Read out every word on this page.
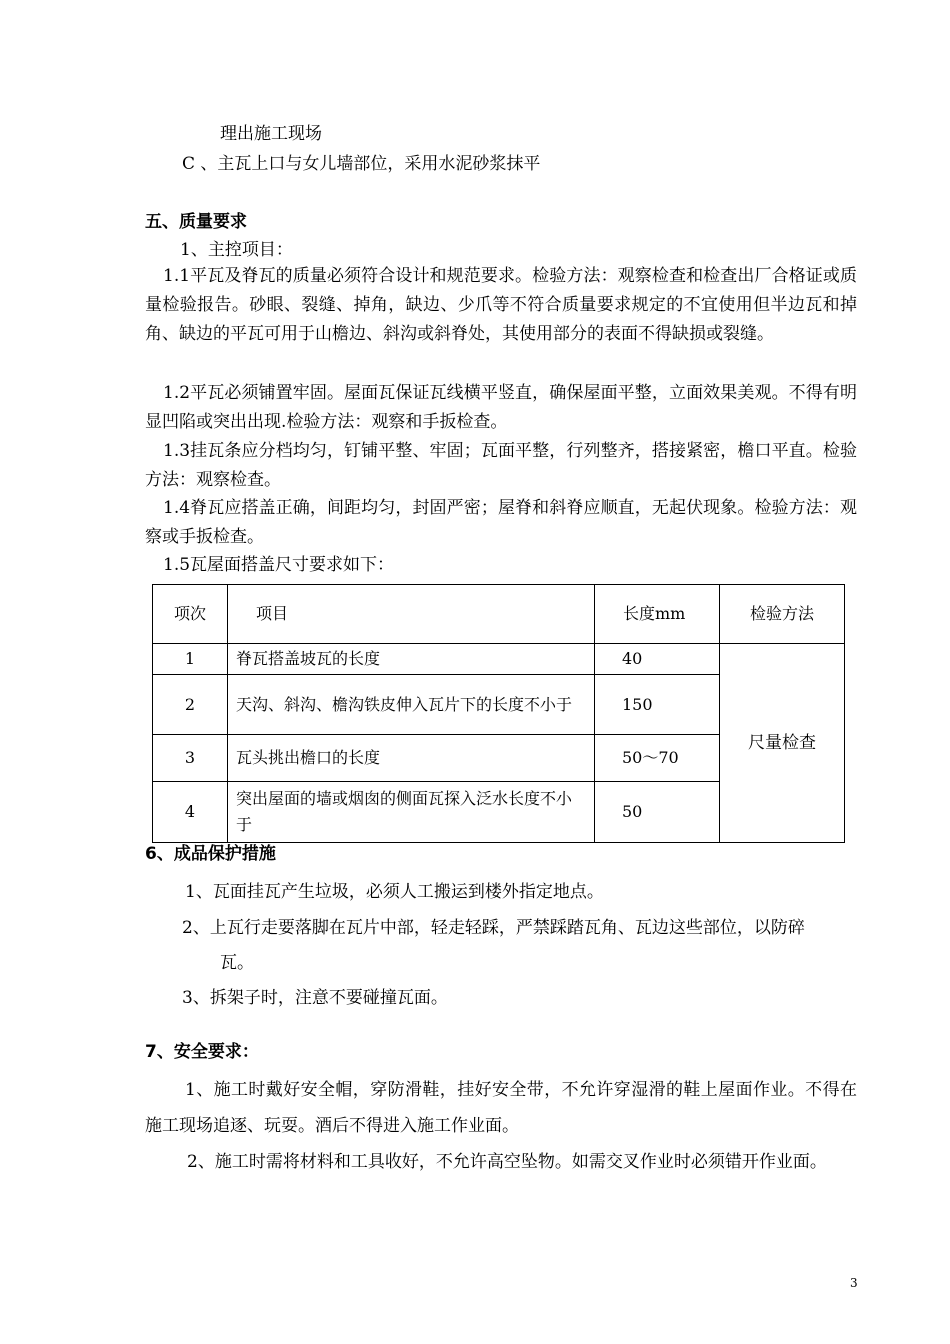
理出施工现场
C 、主瓦上口与女儿墙部位，采用水泥砂浆抹平
五、质量要求
1、主控项目：
1.1平瓦及脊瓦的质量必须符合设计和规范要求。检验方法：观察检查和检查出厂合格证或质量检验报告。砂眼、裂缝、掉角，缺边、少爪等不符合质量要求规定的不宜使用但半边瓦和掉角、缺边的平瓦可用于山檐边、斜沟或斜脊处，其使用部分的表面不得缺损或裂缝。
1.2平瓦必须铺置牢固。屋面瓦保证瓦线横平竖直，确保屋面平整，立面效果美观。不得有明显凹陷或突出出现.检验方法：观察和手扳检查。
1.3挂瓦条应分档均匀，钉铺平整、牢固；瓦面平整，行列整齐，搭接紧密，檐口平直。检验方法：观察检查。
1.4脊瓦应搭盖正确，间距均匀，封固严密；屋脊和斜脊应顺直，无起伏现象。检验方法：观察或手扳检查。
1.5瓦屋面搭盖尺寸要求如下：
项次	项目	长度mm	检验方法
1	脊瓦搭盖坡瓦的长度	40	尺量检查
2	天沟、斜沟、檐沟铁皮伸入瓦片下的长度不小于	150	
3	瓦头挑出檐口的长度	50～70	
4	突出屋面的墙或烟囱的侧面瓦探入泛水长度不小于	50	
6、成品保护措施
1、瓦面挂瓦产生垃圾，必须人工搬运到楼外指定地点。
2、上瓦行走要落脚在瓦片中部，轻走轻踩，严禁踩踏瓦角、瓦边这些部位，以防碎
瓦。
3、拆架子时，注意不要碰撞瓦面。
7、安全要求：
1、施工时戴好安全帽，穿防滑鞋，挂好安全带，不允许穿湿滑的鞋上屋面作业。不得在施工现场追逐、玩耍。酒后不得进入施工作业面。
2、施工时需将材料和工具收好，不允许高空坠物。如需交叉作业时必须错开作业面。
3
